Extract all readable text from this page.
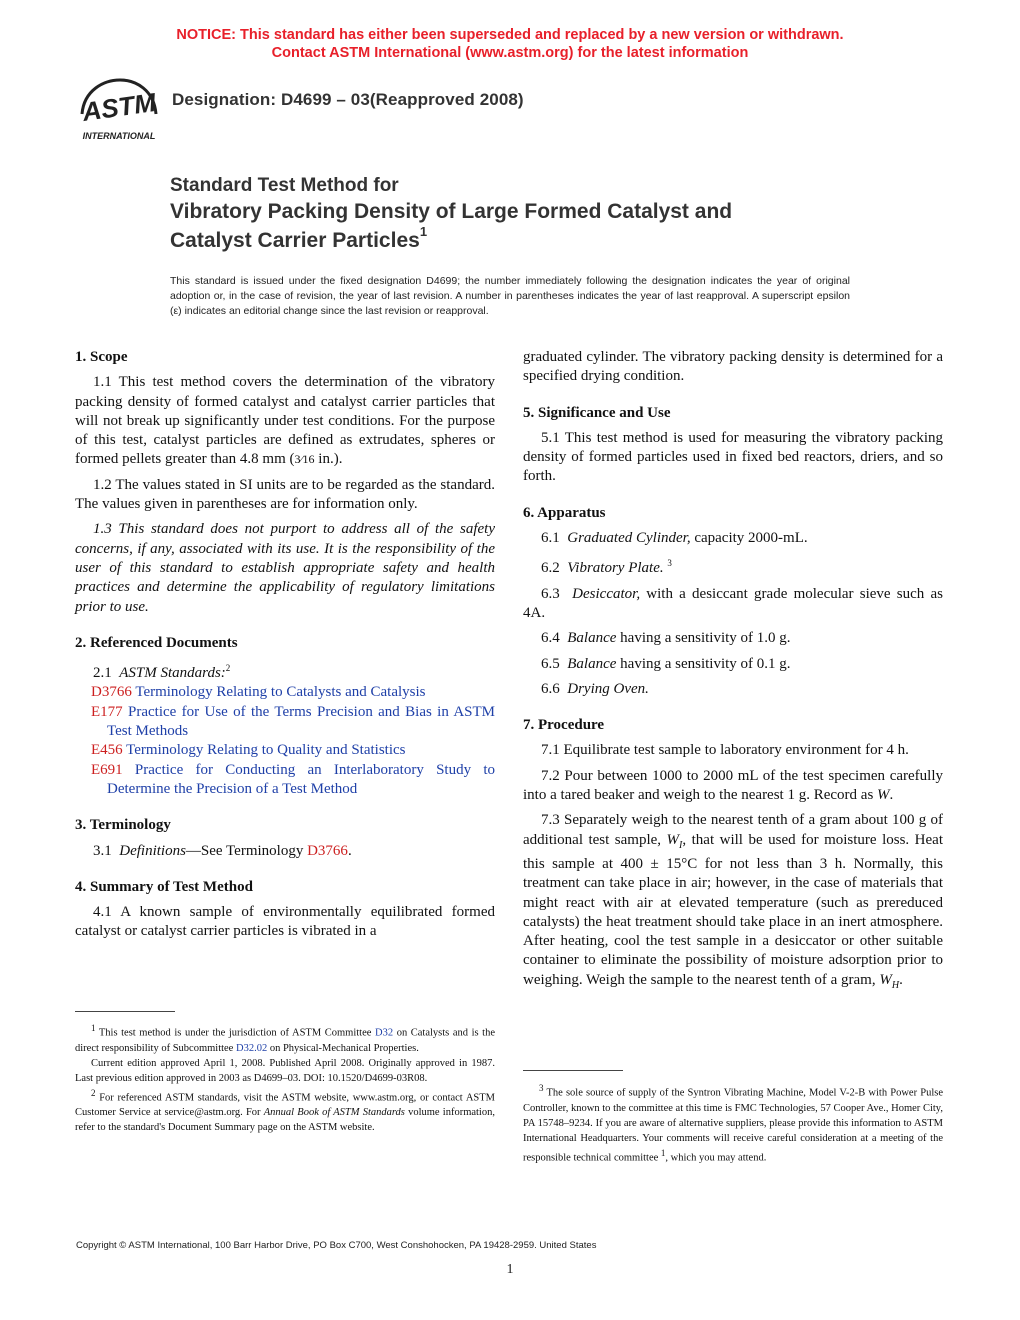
NOTICE: This standard has either been superseded and replaced by a new version or withdrawn.
Contact ASTM International (www.astm.org) for the latest information
ASTM
INTERNATIONAL
Designation: D4699 – 03(Reapproved 2008)
Standard Test Method for
Vibratory Packing Density of Large Formed Catalyst and
Catalyst Carrier Particles$^1$
This standard is issued under the fixed designation D4699; the number immediately following the designation indicates the year of original adoption or, in the case of revision, the year of last revision. A number in parentheses indicates the year of last reapproval. A superscript epsilon (ε) indicates an editorial change since the last revision or reapproval.
1. Scope

1.1 This test method covers the determination of the vibratory packing density of formed catalyst and catalyst carrier particles that will not break up significantly under test conditions. For the purpose of this test, catalyst particles are defined as extrudates, spheres or formed pellets greater than 4.8 mm (3⁄16 in.).

1.2 The values stated in SI units are to be regarded as the standard. The values given in parentheses are for information only.

1.3 This standard does not purport to address all of the safety concerns, if any, associated with its use. It is the responsibility of the user of this standard to establish appropriate safety and health practices and determine the applicability of regulatory limitations prior to use.

2. Referenced Documents

2.1 ASTM Standards:$^2$

D3766 Terminology Relating to Catalysts and Catalysis

E177 Practice for Use of the Terms Precision and Bias in ASTM Test Methods

E456 Terminology Relating to Quality and Statistics

E691 Practice for Conducting an Interlaboratory Study to Determine the Precision of a Test Method

3. Terminology

3.1 Definitions—See Terminology D3766.

4. Summary of Test Method

4.1 A known sample of environmentally equilibrated formed catalyst or catalyst carrier particles is vibrated in a

$^1$ This test method is under the jurisdiction of ASTM Committee D32 on Catalysts and is the direct responsibility of Subcommittee D32.02 on Physical-Mechanical Properties.

Current edition approved April 1, 2008. Published April 2008. Originally approved in 1987. Last previous edition approved in 2003 as D4699–03. DOI: 10.1520/D4699-03R08.

$^2$ For referenced ASTM standards, visit the ASTM website, www.astm.org, or contact ASTM Customer Service at service@astm.org. For Annual Book of ASTM Standards volume information, refer to the standard's Document Summary page on the ASTM website.

graduated cylinder. The vibratory packing density is determined for a specified drying condition.

5. Significance and Use

5.1 This test method is used for measuring the vibratory packing density of formed particles used in fixed bed reactors, driers, and so forth.

6. Apparatus

6.1 Graduated Cylinder, capacity 2000-mL.

6.2 Vibratory Plate. $^3$

6.3 Desiccator, with a desiccant grade molecular sieve such as 4A.

6.4 Balance having a sensitivity of 1.0 g.

6.5 Balance having a sensitivity of 0.1 g.

6.6 Drying Oven.

7. Procedure

7.1 Equilibrate test sample to laboratory environment for 4 h.

7.2 Pour between 1000 to 2000 mL of the test specimen carefully into a tared beaker and weigh to the nearest 1 g. Record as W.

7.3 Separately weigh to the nearest tenth of a gram about 100 g of additional test sample, $W_I$, that will be used for moisture loss. Heat this sample at 400 ± 15°C for not less than 3 h. Normally, this treatment can take place in air; however, in the case of materials that might react with air at elevated temperature (such as prereduced catalysts) the heat treatment should take place in an inert atmosphere. After heating, cool the test sample in a desiccator or other suitable container to eliminate the possibility of moisture adsorption prior to weighing. Weigh the sample to the nearest tenth of a gram, $W_H$.

$^3$ The sole source of supply of the Syntron Vibrating Machine, Model V-2-B with Power Pulse Controller, known to the committee at this time is FMC Technologies, 57 Cooper Ave., Homer City, PA 15748–9234. If you are aware of alternative suppliers, please provide this information to ASTM International Headquarters. Your comments will receive careful consideration at a meeting of the responsible technical committee $^1$, which you may attend.

Copyright © ASTM International, 100 Barr Harbor Drive, PO Box C700, West Conshohocken, PA 19428-2959. United States
1
